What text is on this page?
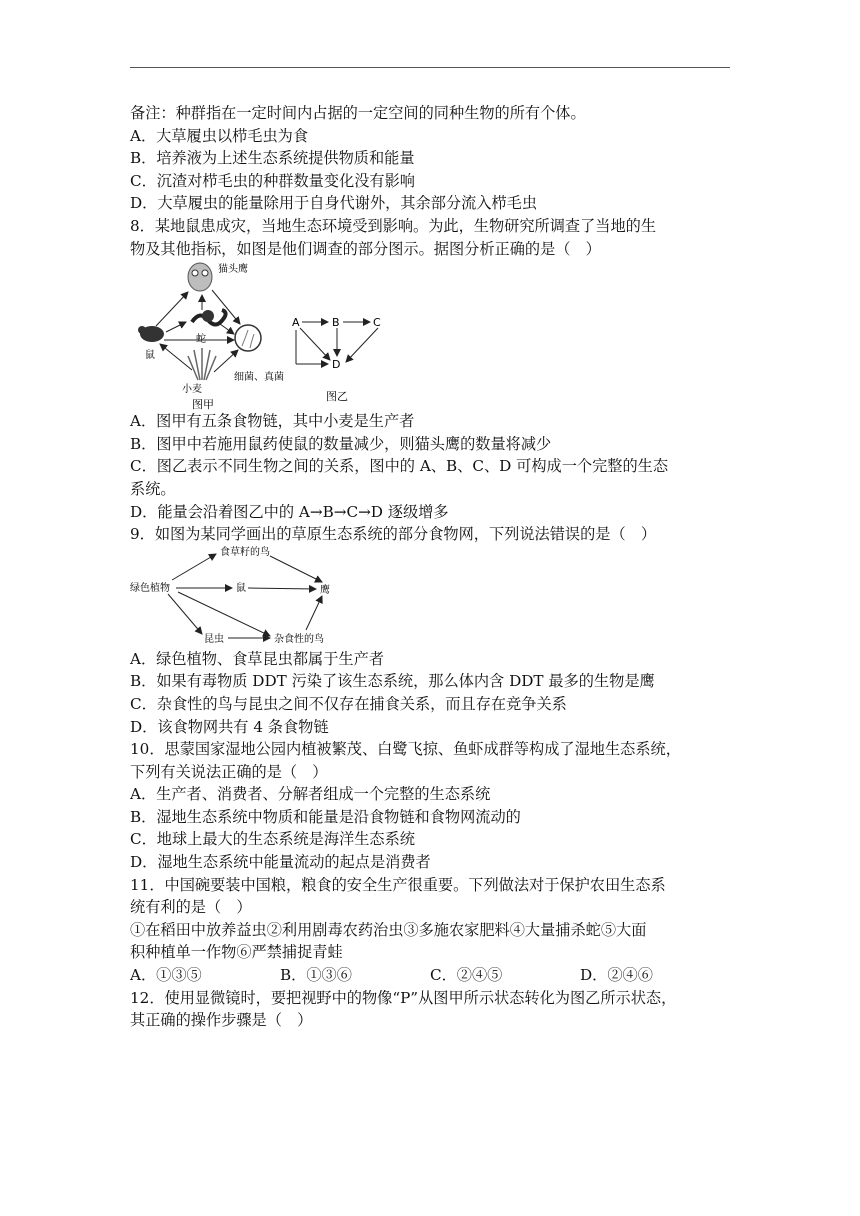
备注：种群指在一定时间内占据的一定空间的同种生物的所有个体。
A．大草履虫以栉毛虫为食
B．培养液为上述生态系统提供物质和能量
C．沉渣对栉毛虫的种群数量变化没有影响
D．大草履虫的能量除用于自身代谢外，其余部分流入栉毛虫
8．某地鼠患成灾，当地生态环境受到影响。为此，生物研究所调查了当地的生
物及其他指标，如图是他们调查的部分图示。据图分析正确的是（　）
猫头鹰
蛇
鼠
小麦
细菌、真菌
图甲
A	B	C
D
图乙
A．图甲有五条食物链，其中小麦是生产者
B．图甲中若施用鼠药使鼠的数量减少，则猫头鹰的数量将减少
C．图乙表示不同生物之间的关系，图中的 A、B、C、D 可构成一个完整的生态
系统。
D．能量会沿着图乙中的 A→B→C→D 逐级增多
9．如图为某同学画出的草原生态系统的部分食物网，下列说法错误的是（　）
绿色植物
食草籽的鸟
鼠	鹰
昆虫	杂食性的鸟
A．绿色植物、食草昆虫都属于生产者
B．如果有毒物质 DDT 污染了该生态系统，那么体内含 DDT 最多的生物是鹰
C．杂食性的鸟与昆虫之间不仅存在捕食关系，而且存在竞争关系
D．该食物网共有 4 条食物链
10．思蒙国家湿地公园内植被繁茂、白鹭飞掠、鱼虾成群等构成了湿地生态系统，
下列有关说法正确的是（　）
A．生产者、消费者、分解者组成一个完整的生态系统
B．湿地生态系统中物质和能量是沿食物链和食物网流动的
C．地球上最大的生态系统是海洋生态系统
D．湿地生态系统中能量流动的起点是消费者
11．中国碗要装中国粮，粮食的安全生产很重要。下列做法对于保护农田生态系
统有利的是（　）
①在稻田中放养益虫②利用剧毒农药治虫③多施农家肥料④大量捕杀蛇⑤大面
积种植单一作物⑥严禁捕捉青蛙
A．①③⑤	B．①③⑥	C．②④⑤	D．②④⑥
12．使用显微镜时，要把视野中的物像“P”从图甲所示状态转化为图乙所示状态，
其正确的操作步骤是（　）
